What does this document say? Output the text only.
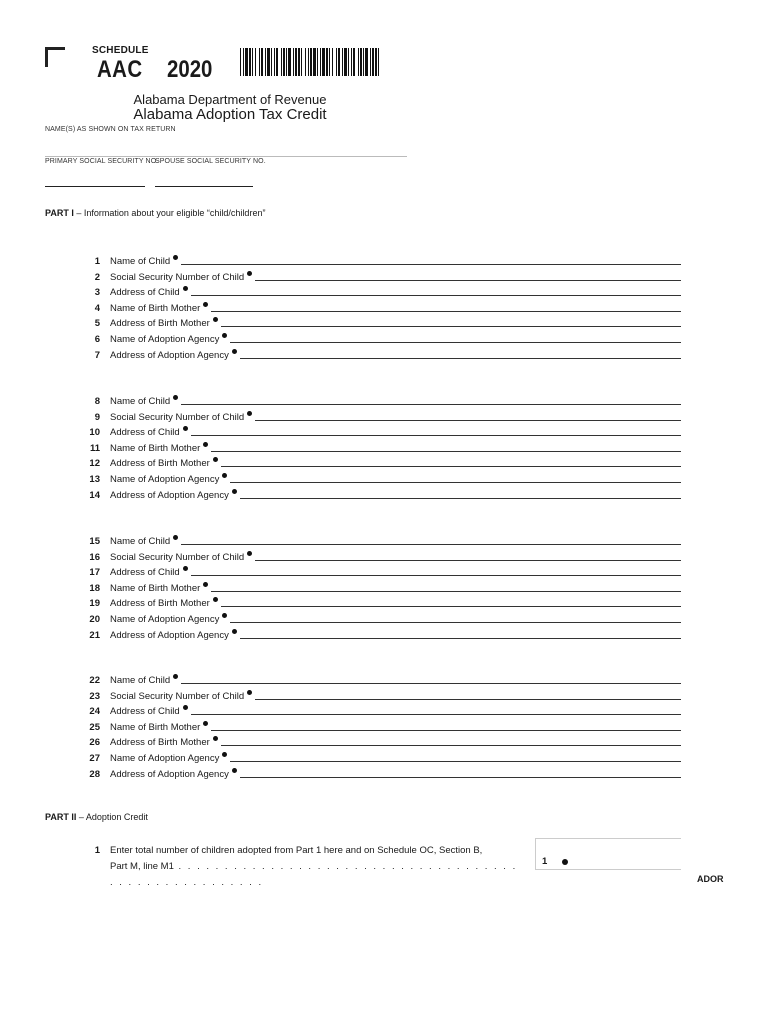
SCHEDULE
AAC 2020
Alabama Department of Revenue
Alabama Adoption Tax Credit
NAME(S) AS SHOWN ON TAX RETURN
PRIMARY SOCIAL SECURITY NO.
SPOUSE SOCIAL SECURITY NO.
PART I – Information about your eligible “child/children”
1 Name of Child
2 Social Security Number of Child
3 Address of Child
4 Name of Birth Mother
5 Address of Birth Mother
6 Name of Adoption Agency
7 Address of Adoption Agency
8 Name of Child
9 Social Security Number of Child
10 Address of Child
11 Name of Birth Mother
12 Address of Birth Mother
13 Name of Adoption Agency
14 Address of Adoption Agency
15 Name of Child
16 Social Security Number of Child
17 Address of Child
18 Name of Birth Mother
19 Address of Birth Mother
20 Name of Adoption Agency
21 Address of Adoption Agency
22 Name of Child
23 Social Security Number of Child
24 Address of Child
25 Name of Birth Mother
26 Address of Birth Mother
27 Name of Adoption Agency
28 Address of Adoption Agency
PART II – Adoption Credit
1 Enter total number of children adopted from Part 1 here and on Schedule OC, Section B,
Part M, line M1 . . . . . . . . . . . . . . . . . . . . . . . . . . . . . . . . . . . . . . . . . . . . . . . . . . . . . .
1
ADOR
